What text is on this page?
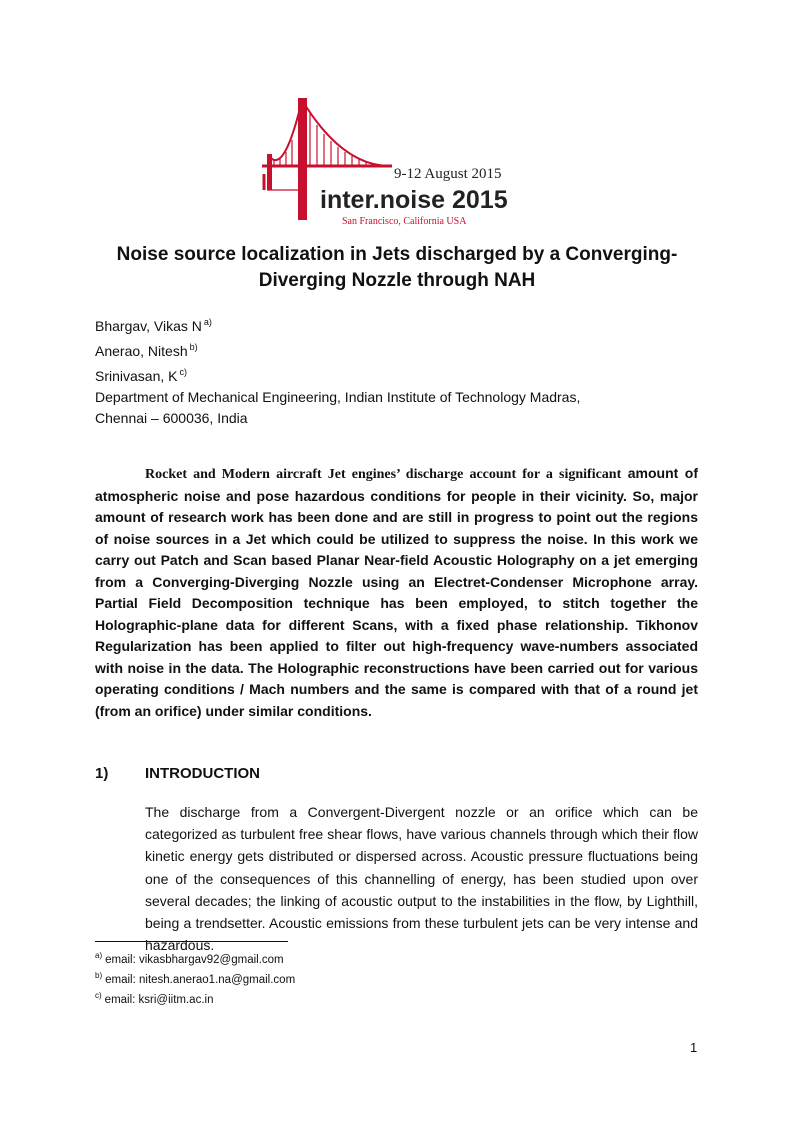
9-12 August 2015
inter.noise 2015
San Francisco, California USA
Noise source localization in Jets discharged by a Converging-
Diverging Nozzle through NAH
Bhargav, Vikas N $^{a)}$
Anerao, Nitesh $^{b)}$
Srinivasan, K $^{c)}$
Department of Mechanical Engineering, Indian Institute of Technology Madras,
Chennai – 600036, India
Rocket and Modern aircraft Jet engines’ discharge account for a significant amount of atmospheric noise and pose hazardous conditions for people in their vicinity. So, major amount of research work has been done and are still in progress to point out the regions of noise sources in a Jet which could be utilized to suppress the noise. In this work we carry out Patch and Scan based Planar Near-field Acoustic Holography on a jet emerging from a Converging-Diverging Nozzle using an Electret-Condenser Microphone array. Partial Field Decomposition technique has been employed, to stitch together the Holographic-plane data for different Scans, with a fixed phase relationship. Tikhonov Regularization has been applied to filter out high-frequency wave-numbers associated with noise in the data. The Holographic reconstructions have been carried out for various operating conditions / Mach numbers and the same is compared with that of a round jet (from an orifice) under similar conditions.
1) INTRODUCTION
The discharge from a Convergent-Divergent nozzle or an orifice which can be categorized as turbulent free shear flows, have various channels through which their flow kinetic energy gets distributed or dispersed across. Acoustic pressure fluctuations being one of the consequences of this channelling of energy, has been studied upon over several decades; the linking of acoustic output to the instabilities in the flow, by Lighthill, being a trendsetter. Acoustic emissions from these turbulent jets can be very intense and hazardous.
$^{a)}$ email: vikasbhargav92@gmail.com
$^{b)}$ email: nitesh.anerao1.na@gmail.com
$^{c)}$ email: ksri@iitm.ac.in
1
